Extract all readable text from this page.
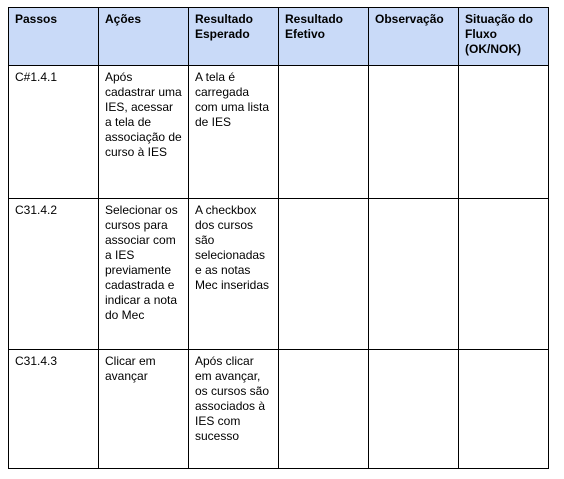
Passos	Ações	Resultado Esperado	Resultado Efetivo	Observação	Situação do Fluxo (OK/NOK)
C#1.4.1	Após cadastrar uma IES, acessar a tela de associação de curso à IES	A tela é carregada com uma lista de IES			
C31.4.2	Selecionar os cursos para associar com a IES previamente cadastrada e indicar a nota do Mec	A checkbox dos cursos são selecionadas e as notas Mec inseridas			
C31.4.3	Clicar em avançar	Após clicar em avançar, os cursos são associados à IES com sucesso			
